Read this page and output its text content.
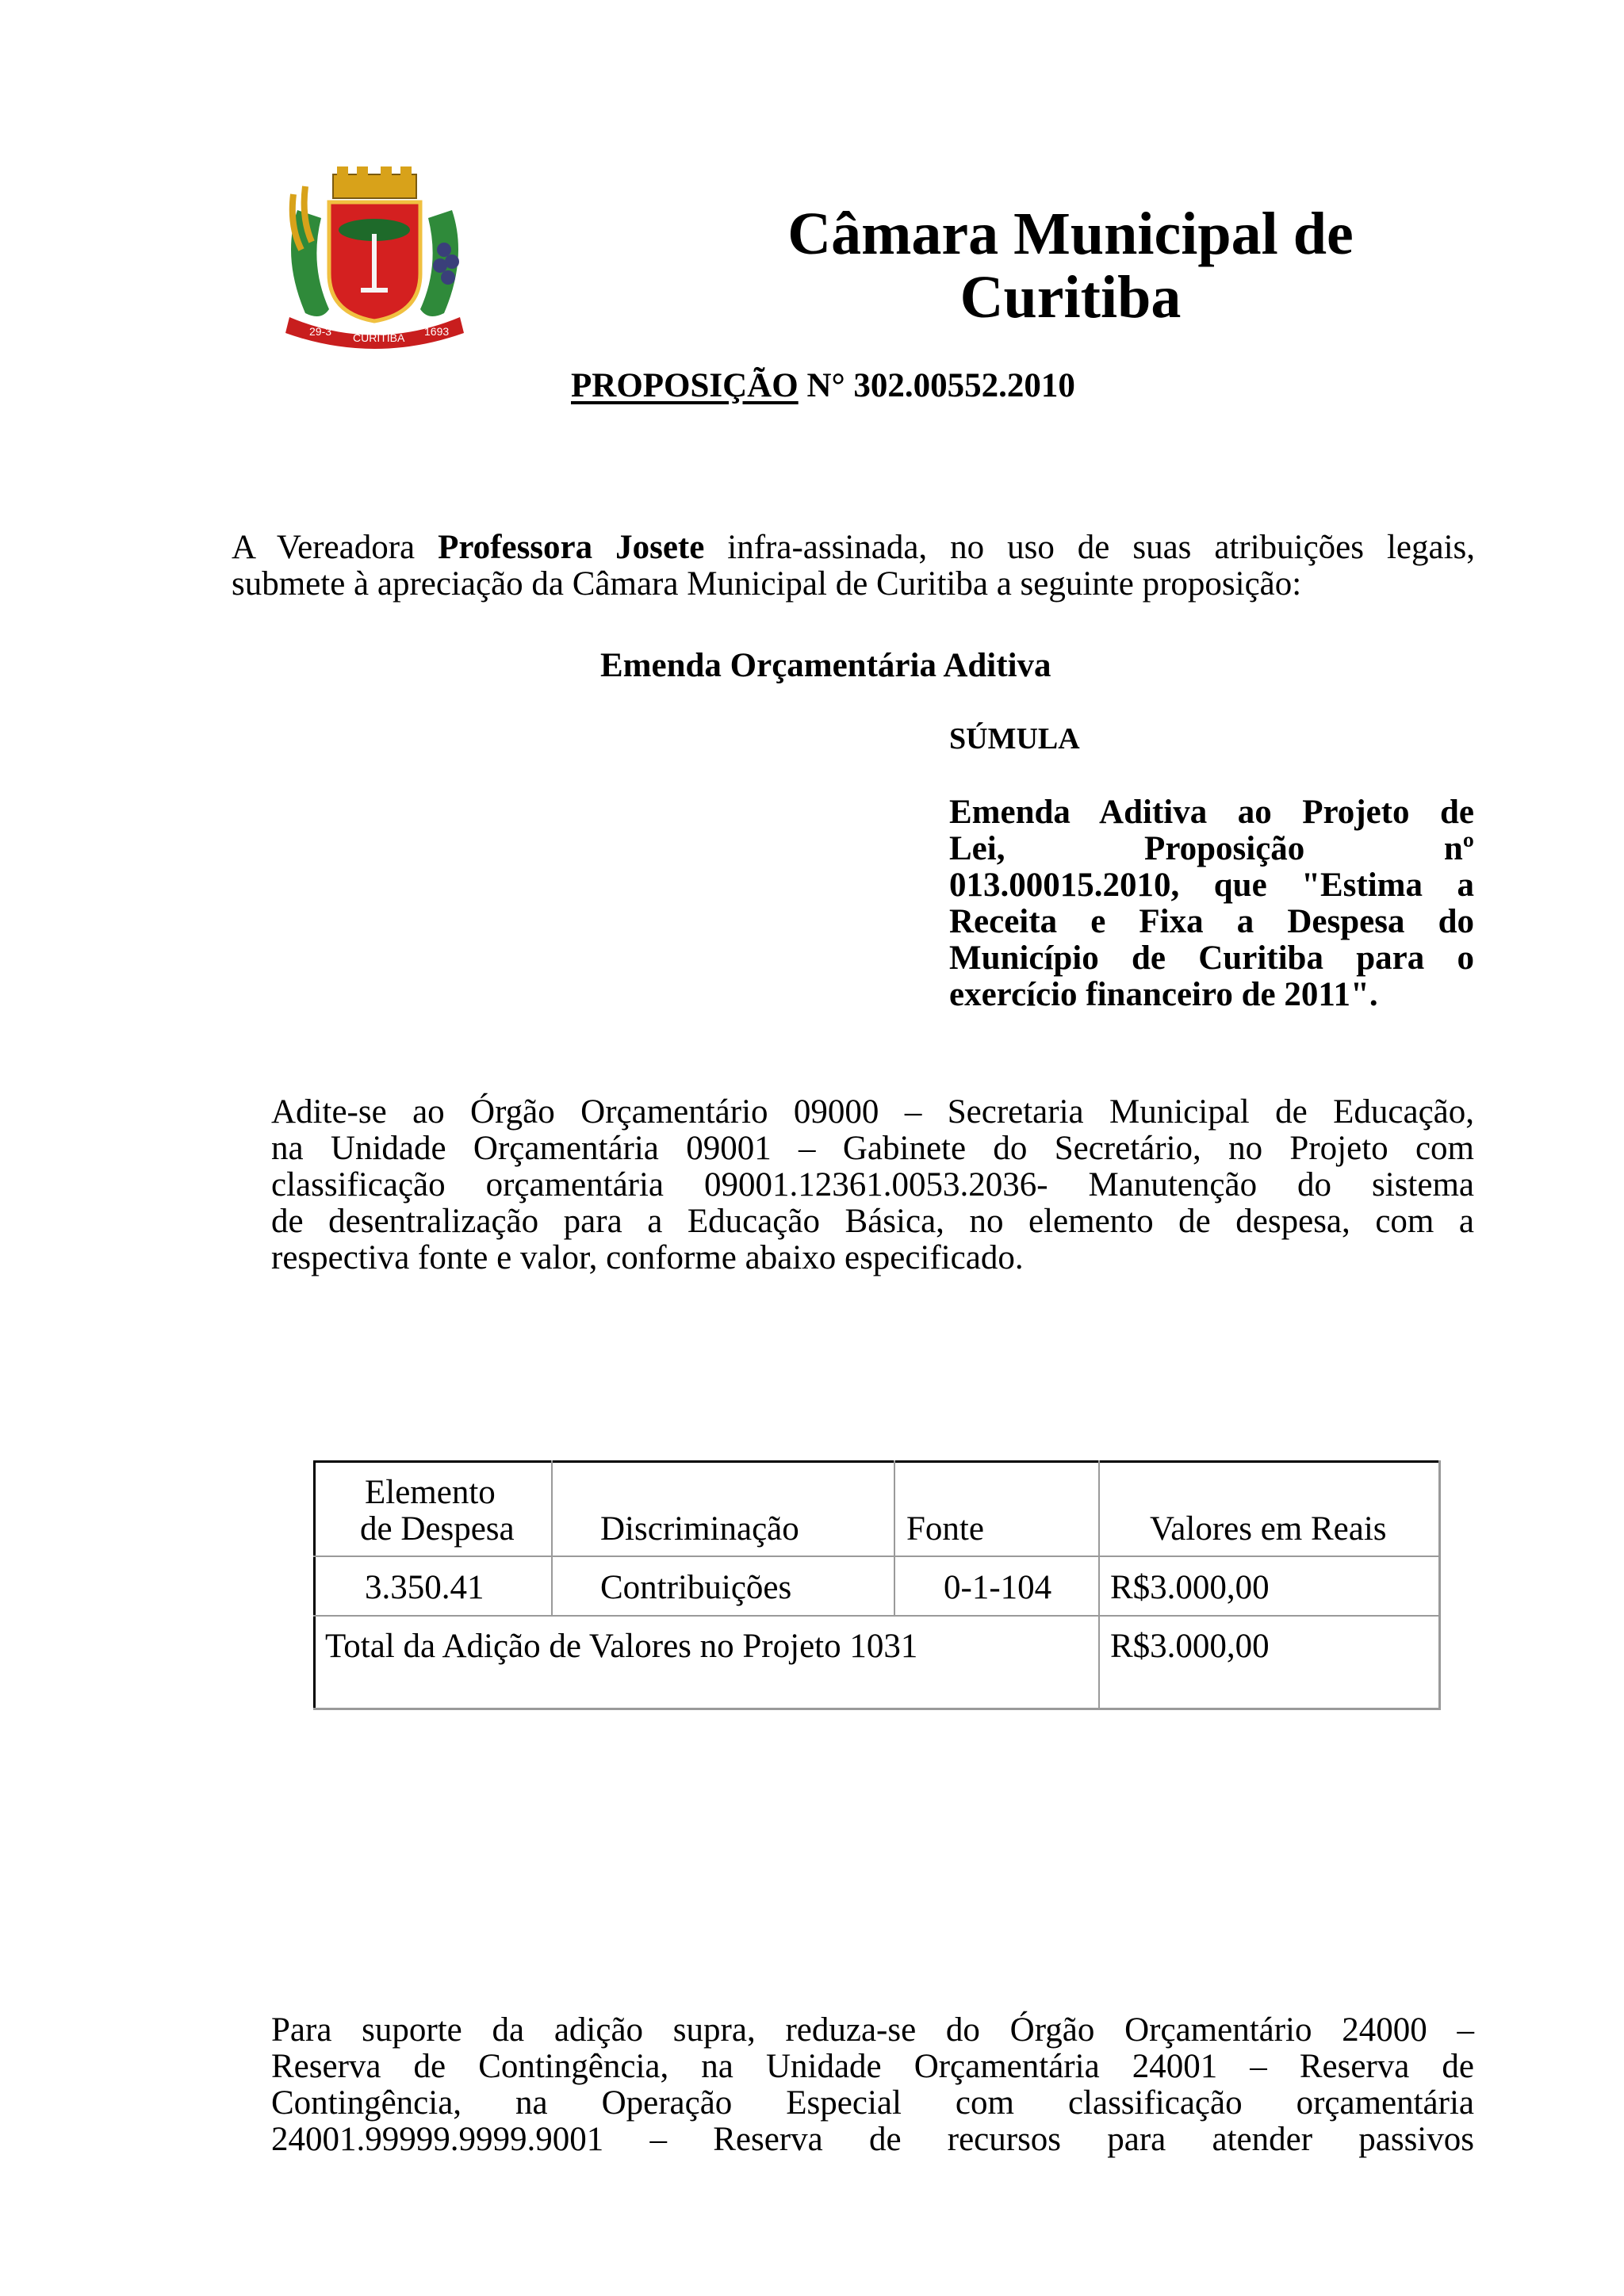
29-3 CURITIBA 1693
Câmara Municipal de
Curitiba
PROPOSIÇÃO N° 302.00552.2010
A Vereadora Professora Josete infra-assinada, no uso de suas atribuições legais,
submete à apreciação da Câmara Municipal de Curitiba a seguinte proposição:
Emenda Orçamentária Aditiva
SÚMULA
Emenda Aditiva ao Projeto de
Lei, Proposição nº
013.00015.2010, que "Estima a
Receita e Fixa a Despesa do
Município de Curitiba para o
exercício financeiro de 2011".
Adite-se ao Órgão Orçamentário 09000 – Secretaria Municipal de Educação,
na Unidade Orçamentária 09001 – Gabinete do Secretário, no Projeto com
classificação orçamentária 09001.12361.0053.2036- Manutenção do sistema
de desentralização para a Educação Básica, no elemento de despesa, com a
respectiva fonte e valor, conforme abaixo especificado.
Elemento
de Despesa	Discriminação	Fonte	Valores em Reais
3.350.41	Contribuições	0-1-104 R$3.000,00
Total da Adição de Valores no Projeto 1031	R$3.000,00
Para suporte da adição supra, reduza-se do Órgão Orçamentário 24000 –
Reserva de Contingência, na Unidade Orçamentária 24001 – Reserva de
Contingência, na Operação Especial com classificação orçamentária
24001.99999.9999.9001 – Reserva de recursos para atender passivos
